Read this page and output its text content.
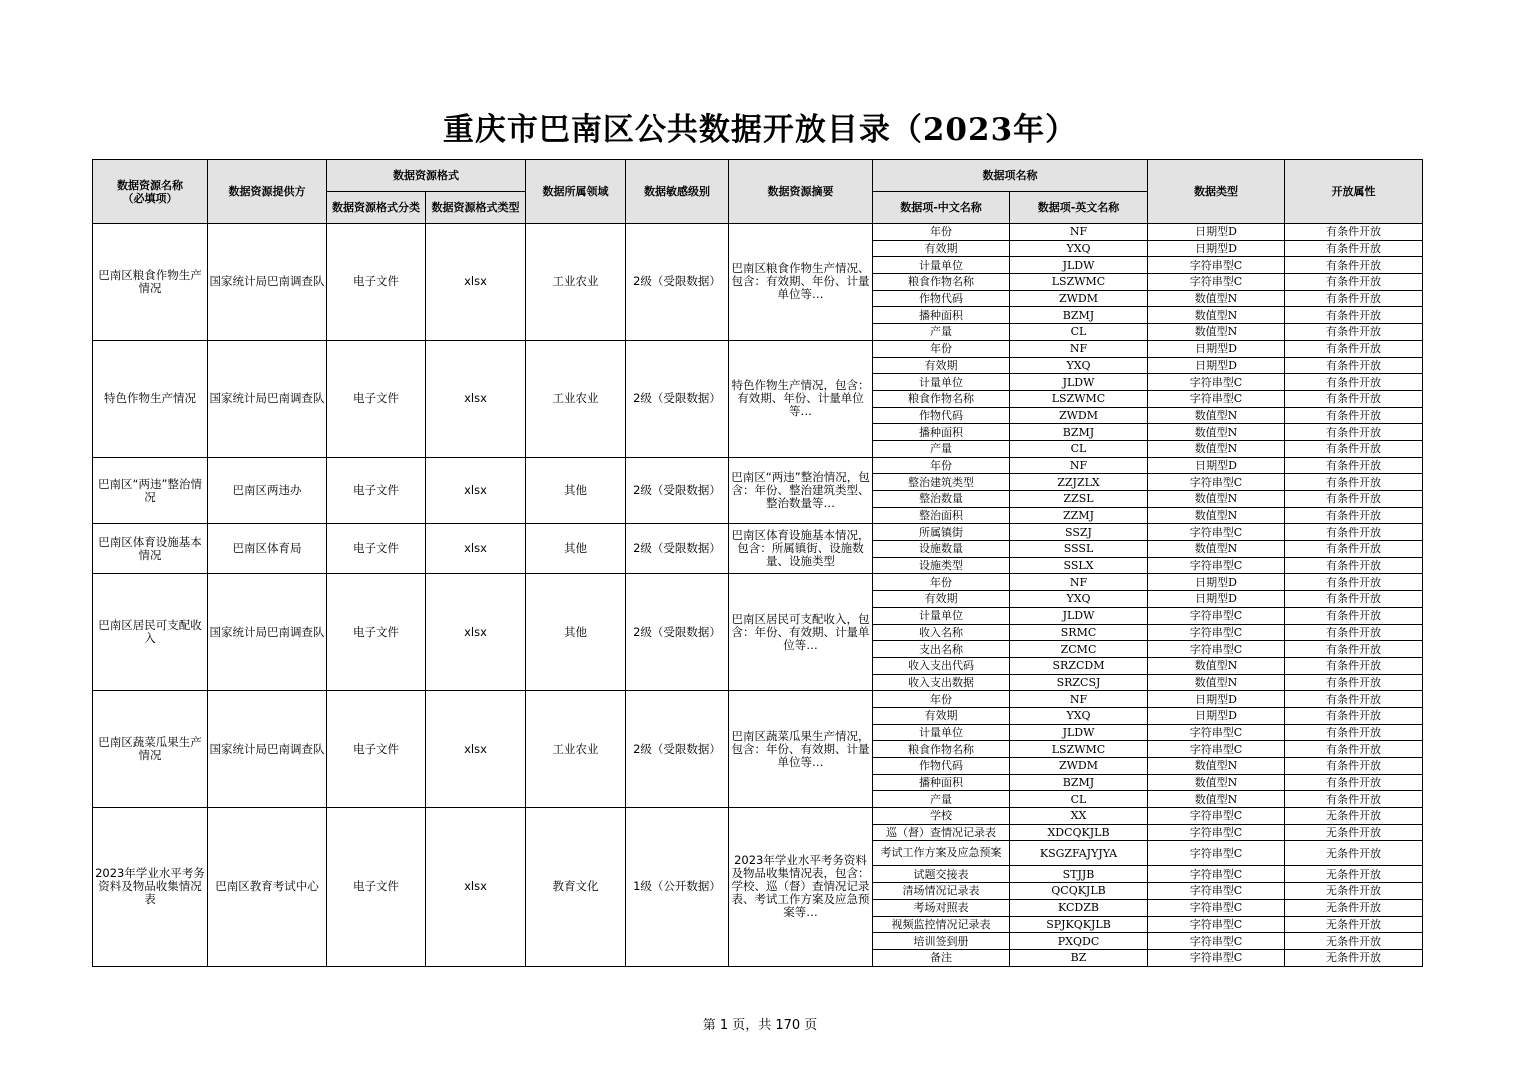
重庆市巴南区公共数据开放目录（2023年）
数据资源名称
（必填项）	数据资源提供方	数据资源格式		数据所属领域	数据敏感级别	数据资源摘要	数据项名称		数据类型	开放属性
		数据资源格式分类	数据资源格式类型				数据项-中文名称	数据项-英文名称		
巴南区粮食作物生产情况	国家统计局巴南调查队	电子文件	xlsx	工业农业	2级（受限数据）	巴南区粮食作物生产情况、包含：有效期、年份、计量单位等…	年份	NF	日期型D	有条件开放
							有效期	YXQ	日期型D	有条件开放
							计量单位	JLDW	字符串型C	有条件开放
							粮食作物名称	LSZWMC	字符串型C	有条件开放
							作物代码	ZWDM	数值型N	有条件开放
							播种面积	BZMJ	数值型N	有条件开放
							产量	CL	数值型N	有条件开放
特色作物生产情况	国家统计局巴南调查队	电子文件	xlsx	工业农业	2级（受限数据）	特色作物生产情况，包含：有效期、年份、计量单位等…	年份	NF	日期型D	有条件开放
							有效期	YXQ	日期型D	有条件开放
							计量单位	JLDW	字符串型C	有条件开放
							粮食作物名称	LSZWMC	字符串型C	有条件开放
							作物代码	ZWDM	数值型N	有条件开放
							播种面积	BZMJ	数值型N	有条件开放
							产量	CL	数值型N	有条件开放
巴南区“两违”整治情况	巴南区两违办	电子文件	xlsx	其他	2级（受限数据）	巴南区“两违”整治情况，包含：年份、整治建筑类型、整治数量等…	年份	NF	日期型D	有条件开放
							整治建筑类型	ZZJZLX	字符串型C	有条件开放
							整治数量	ZZSL	数值型N	有条件开放
							整治面积	ZZMJ	数值型N	有条件开放
巴南区体育设施基本情况	巴南区体育局	电子文件	xlsx	其他	2级（受限数据）	巴南区体育设施基本情况，包含：所属镇街、设施数量、设施类型	所属镇街	SSZJ	字符串型C	有条件开放
							设施数量	SSSL	数值型N	有条件开放
							设施类型	SSLX	字符串型C	有条件开放
巴南区居民可支配收入	国家统计局巴南调查队	电子文件	xlsx	其他	2级（受限数据）	巴南区居民可支配收入，包含：年份、有效期、计量单位等…	年份	NF	日期型D	有条件开放
							有效期	YXQ	日期型D	有条件开放
							计量单位	JLDW	字符串型C	有条件开放
							收入名称	SRMC	字符串型C	有条件开放
							支出名称	ZCMC	字符串型C	有条件开放
							收入支出代码	SRZCDM	数值型N	有条件开放
							收入支出数据	SRZCSJ	数值型N	有条件开放
巴南区蔬菜瓜果生产情况	国家统计局巴南调查队	电子文件	xlsx	工业农业	2级（受限数据）	巴南区蔬菜瓜果生产情况，包含：年份、有效期、计量单位等…	年份	NF	日期型D	有条件开放
							有效期	YXQ	日期型D	有条件开放
							计量单位	JLDW	字符串型C	有条件开放
							粮食作物名称	LSZWMC	字符串型C	有条件开放
							作物代码	ZWDM	数值型N	有条件开放
							播种面积	BZMJ	数值型N	有条件开放
							产量	CL	数值型N	有条件开放
2023年学业水平考务资料及物品收集情况表	巴南区教育考试中心	电子文件	xlsx	教育文化	1级（公开数据）	2023年学业水平考务资料及物品收集情况表，包含：学校、巡（督）查情况记录表、考试工作方案及应急预案等…	学校	XX	字符串型C	无条件开放
							巡（督）查情况记录表	XDCQKJLB	字符串型C	无条件开放
							考试工作方案及应急预案	KSGZFAJYJYA	字符串型C	无条件开放
							试题交接表	STJJB	字符串型C	无条件开放
							清场情况记录表	QCQKJLB	字符串型C	无条件开放
							考场对照表	KCDZB	字符串型C	无条件开放
							视频监控情况记录表	SPJKQKJLB	字符串型C	无条件开放
							培训签到册	PXQDC	字符串型C	无条件开放
							备注	BZ	字符串型C	无条件开放
第 1 页，共 170 页
